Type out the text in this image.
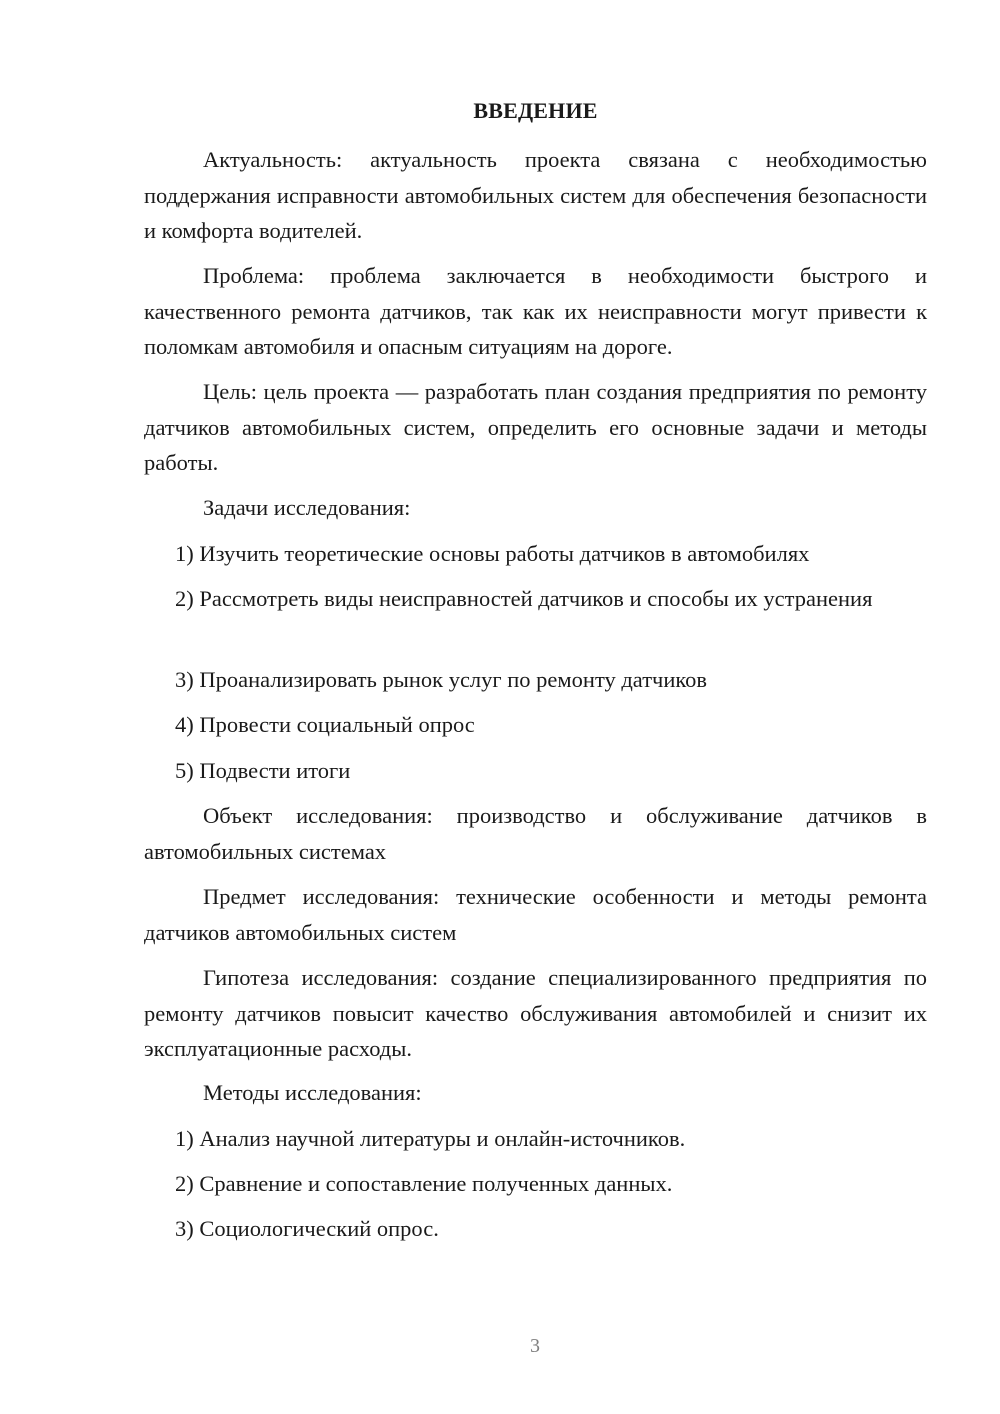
ВВЕДЕНИЕ

Актуальность: актуальность проекта связана с необходимостью поддержания исправности автомобильных систем для обеспечения безопасности и комфорта водителей.

Проблема: проблема заключается в необходимости быстрого и качественного ремонта датчиков, так как их неисправности могут привести к поломкам автомобиля и опасным ситуациям на дороге.

Цель: цель проекта — разработать план создания предприятия по ремонту датчиков автомобильных систем, определить его основные задачи и методы работы.

Задачи исследования:

1) Изучить теоретические основы работы датчиков в автомобилях

2) Рассмотреть виды неисправностей датчиков и способы их устранения

3) Проанализировать рынок услуг по ремонту датчиков

4) Провести социальный опрос

5) Подвести итоги

Объект исследования: производство и обслуживание датчиков в автомобильных системах

Предмет исследования: технические особенности и методы ремонта датчиков автомобильных систем

Гипотеза исследования: создание специализированного предприятия по ремонту датчиков повысит качество обслуживания автомобилей и снизит их эксплуатационные расходы.

Методы исследования:

1) Анализ научной литературы и онлайн-источников.

2) Сравнение и сопоставление полученных данных.

3) Социологический опрос.

3
